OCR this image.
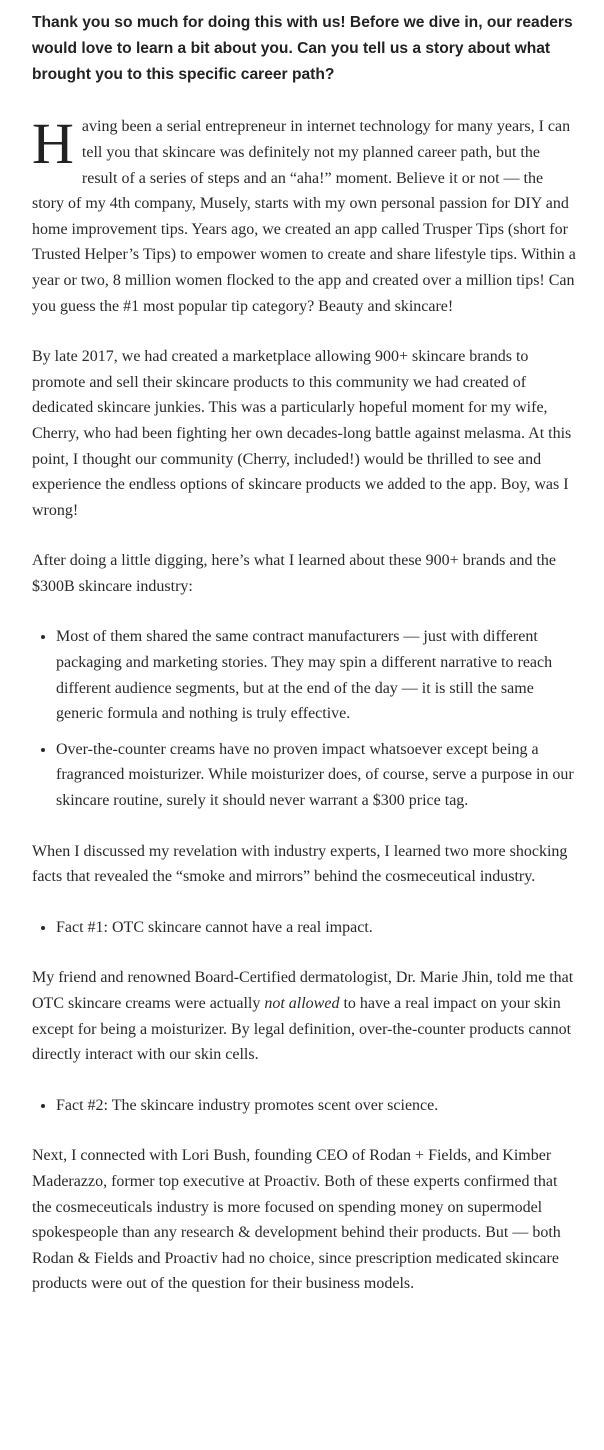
Thank you so much for doing this with us! Before we dive in, our readers would love to learn a bit about you. Can you tell us a story about what brought you to this specific career path?

Having been a serial entrepreneur in internet technology for many years, I can tell you that skincare was definitely not my planned career path, but the result of a series of steps and an “aha!” moment. Believe it or not — the story of my 4th company, Musely, starts with my own personal passion for DIY and home improvement tips. Years ago, we created an app called Trusper Tips (short for Trusted Helper’s Tips) to empower women to create and share lifestyle tips. Within a year or two, 8 million women flocked to the app and created over a million tips! Can you guess the #1 most popular tip category? Beauty and skincare!

By late 2017, we had created a marketplace allowing 900+ skincare brands to promote and sell their skincare products to this community we had created of dedicated skincare junkies. This was a particularly hopeful moment for my wife, Cherry, who had been fighting her own decades-long battle against melasma. At this point, I thought our community (Cherry, included!) would be thrilled to see and experience the endless options of skincare products we added to the app. Boy, was I wrong!

After doing a little digging, here’s what I learned about these 900+ brands and the $300B skincare industry:

• Most of them shared the same contract manufacturers — just with different packaging and marketing stories. They may spin a different narrative to reach different audience segments, but at the end of the day — it is still the same generic formula and nothing is truly effective.
• Over-the-counter creams have no proven impact whatsoever except being a fragranced moisturizer. While moisturizer does, of course, serve a purpose in our skincare routine, surely it should never warrant a $300 price tag.

When I discussed my revelation with industry experts, I learned two more shocking facts that revealed the “smoke and mirrors” behind the cosmeceutical industry.

• Fact #1: OTC skincare cannot have a real impact.

My friend and renowned Board-Certified dermatologist, Dr. Marie Jhin, told me that OTC skincare creams were actually not allowed to have a real impact on your skin except for being a moisturizer. By legal definition, over-the-counter products cannot directly interact with our skin cells.

• Fact #2: The skincare industry promotes scent over science.

Next, I connected with Lori Bush, founding CEO of Rodan + Fields, and Kimber Maderazzo, former top executive at Proactiv. Both of these experts confirmed that the cosmeceuticals industry is more focused on spending money on supermodel spokespeople than any research & development behind their products. But — both Rodan & Fields and Proactiv had no choice, since prescription medicated skincare products were out of the question for their business models.
